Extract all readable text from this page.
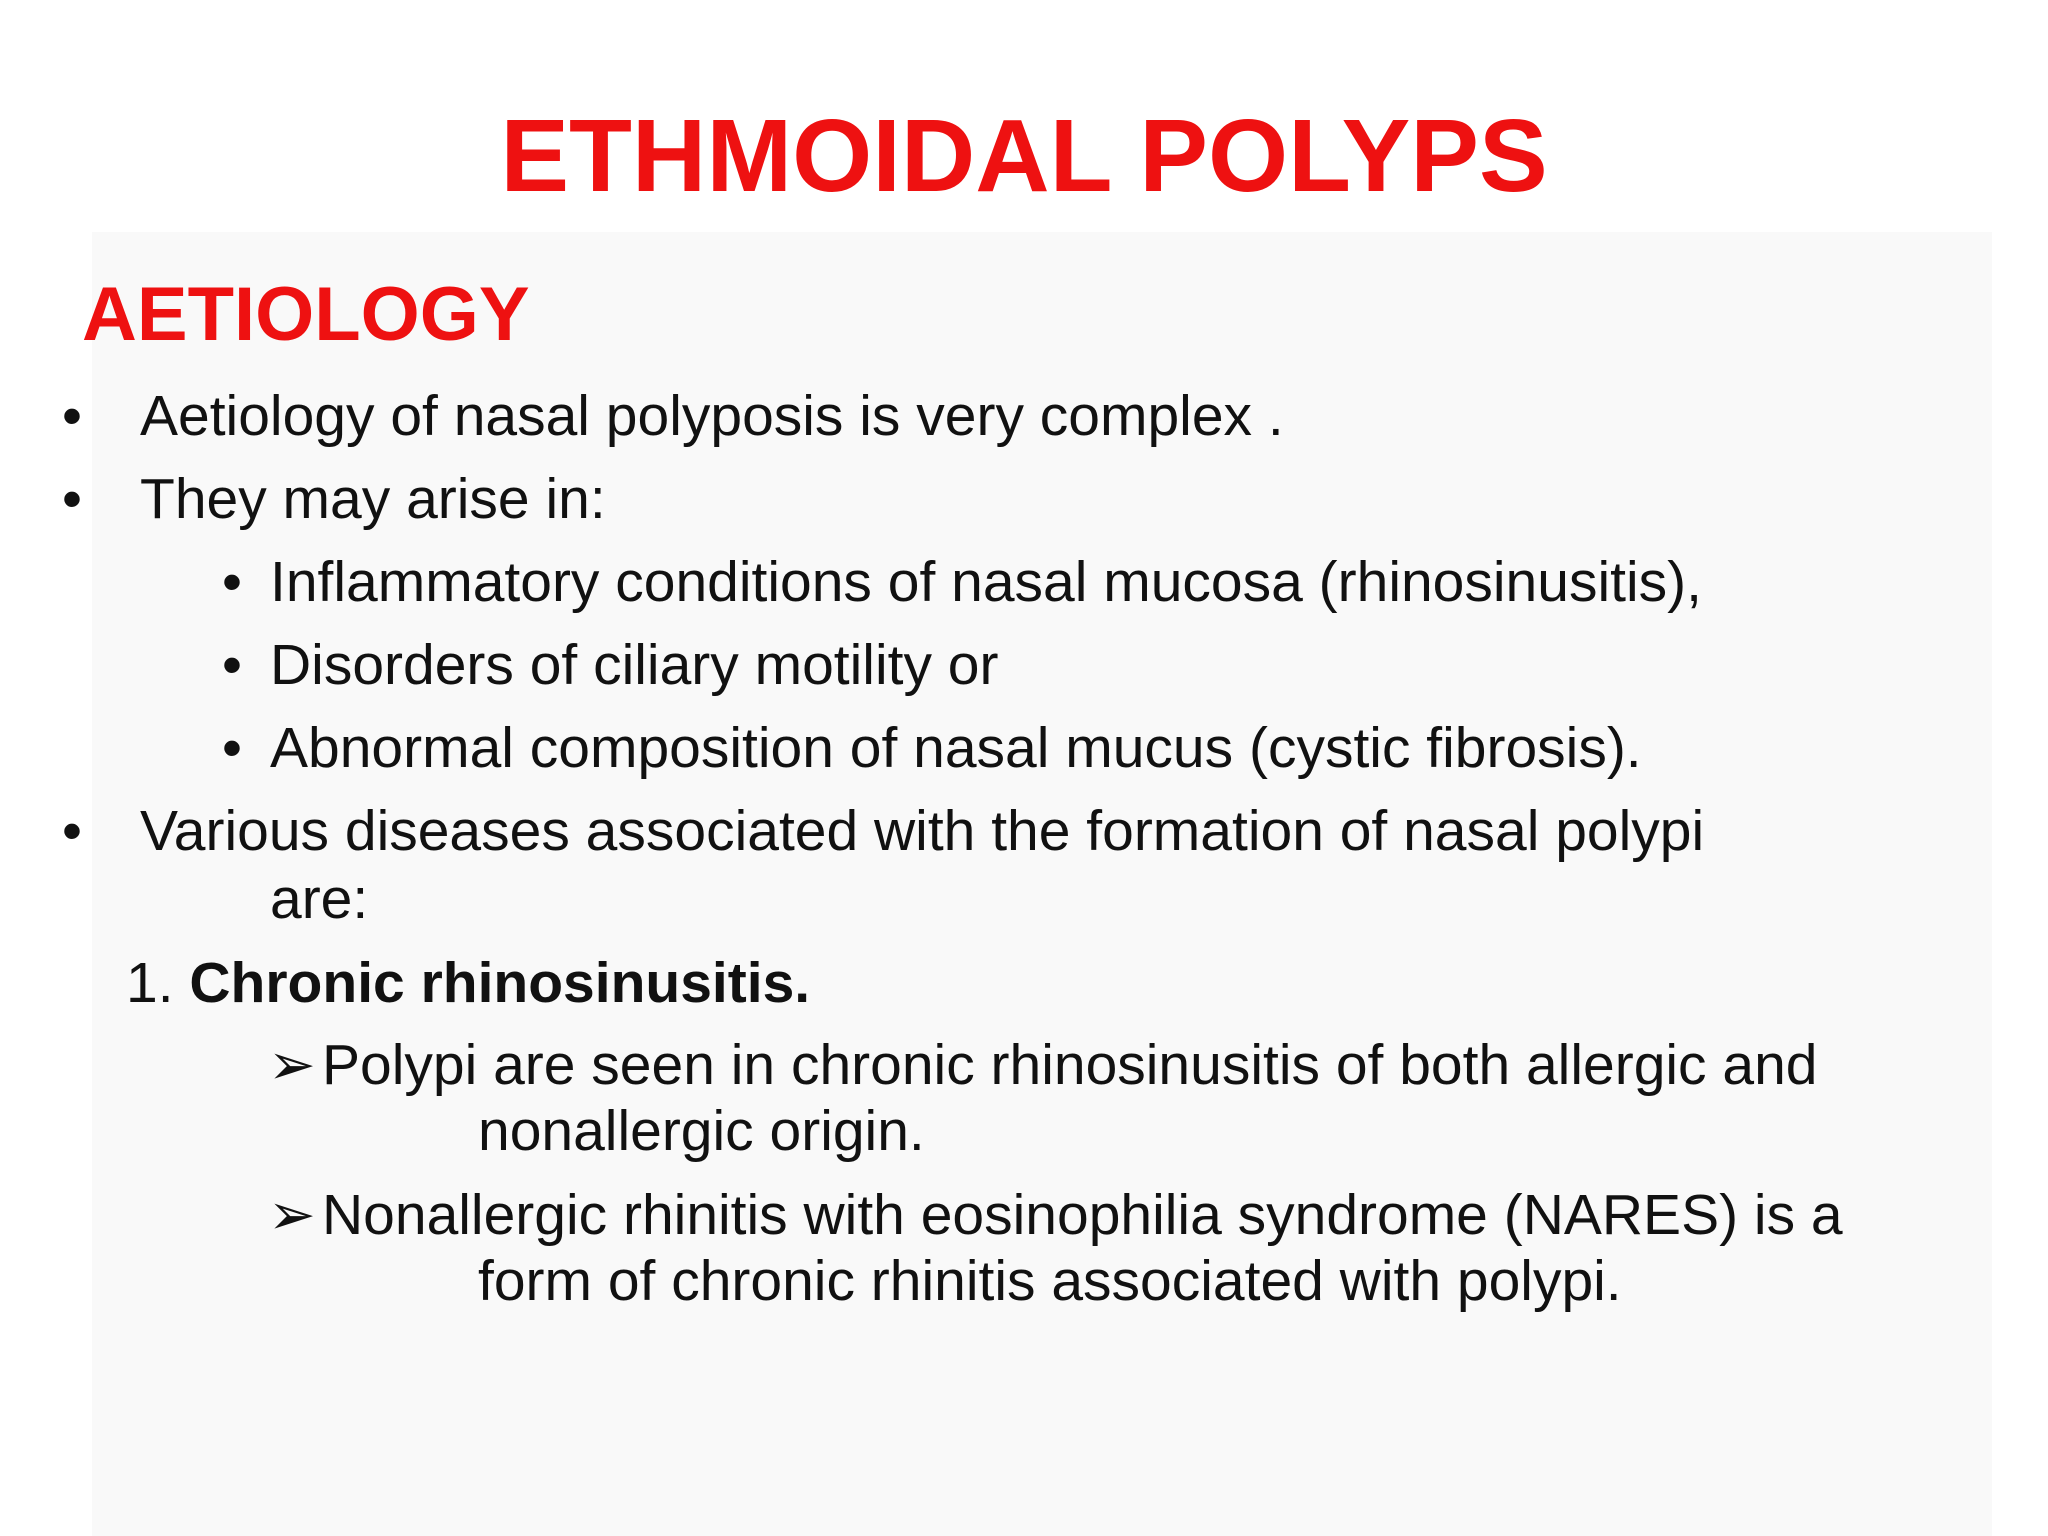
ETHMOIDAL POLYPS
AETIOLOGY
• Aetiology of nasal polyposis is very complex .
• They may arise in:
• Inflammatory conditions of nasal mucosa (rhinosinusitis),
• Disorders of ciliary motility or
• Abnormal composition of nasal mucus (cystic fibrosis).
• Various diseases associated with the formation of nasal polypi
are:
1. Chronic rhinosinusitis.
➢ Polypi are seen in chronic rhinosinusitis of both allergic and
nonallergic origin.
➢ Nonallergic rhinitis with eosinophilia syndrome (NARES) is a
form of chronic rhinitis associated with polypi.
